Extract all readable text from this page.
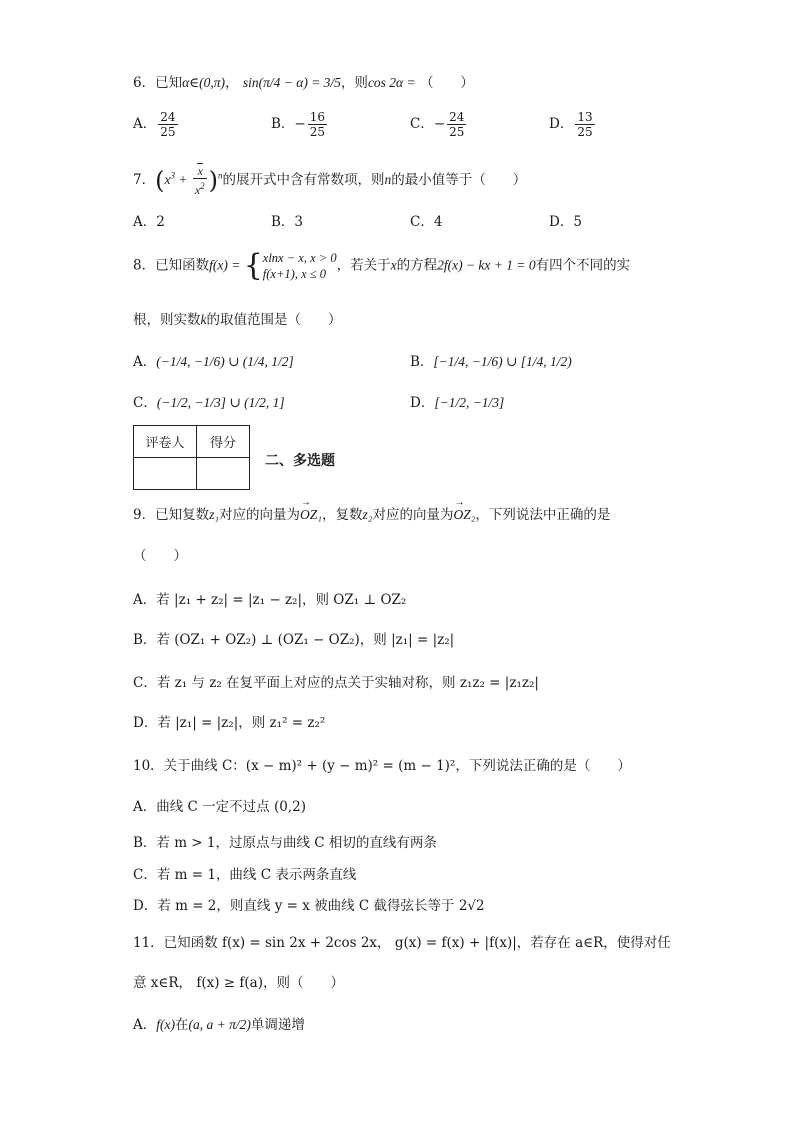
6．已知α∈(0,π)， sin(π/4 − α) = 3/5，则cos 2α = （　　）
A． $\frac{24}{25}$	B．− $\frac{16}{25}$	C．− $\frac{24}{25}$	D． $\frac{13}{25}$
7．$(x^3 + \frac{x}{x^2} )^n$的展开式中含有常数项，则n的最小值等于（　　）
A．2	B．3	C．4	D．5
8．已知函数f(x) = { xlnx − x, x > 0
f(x+1), x ≤ 0
，若关于x的方程2f(x) − kx + 1 = 0有四个不同的实
根，则实数k的取值范围是（　　）
A．(−1/4, −1/6) ∪ (1/4, 1/2]	B．[−1/4, −1/6) ∪ [1/4, 1/2)
C．(−1/2, −1/3] ∪ (1/2, 1]	D．[−1/2, −1/3]
评卷人	得分

二、多选题
9．已知复数z₁对应的向量为→ OZ₁，复数z₂对应的向量为→ OZ₂，下列说法中正确的是
（　　）
A．若 |z₁ + z₂| = |z₁ − z₂|，则 OZ₁ ⊥ OZ₂
B．若 (OZ₁ + OZ₂) ⊥ (OZ₁ − OZ₂)，则 |z₁| = |z₂|
C．若 z₁ 与 z₂ 在复平面上对应的点关于实轴对称，则 z₁z₂ = |z₁z₂|
D．若 |z₁| = |z₂|，则 z₁² = z₂²
10．关于曲线 C：(x − m)² + (y − m)² = (m − 1)²，下列说法正确的是（　　）
A．曲线 C 一定不过点 (0,2)
B．若 m > 1，过原点与曲线 C 相切的直线有两条
C．若 m = 1，曲线 C 表示两条直线
D．若 m = 2，则直线 y = x 被曲线 C 截得弦长等于 2√2
11．已知函数 f(x) = sin 2x + 2cos 2x， g(x) = f(x) + |f(x)|，若存在 a∈R，使得对任
意 x∈R， f(x) ≥ f(a)，则（　　）
A．f(x)在(a, a + π/2)单调递增
